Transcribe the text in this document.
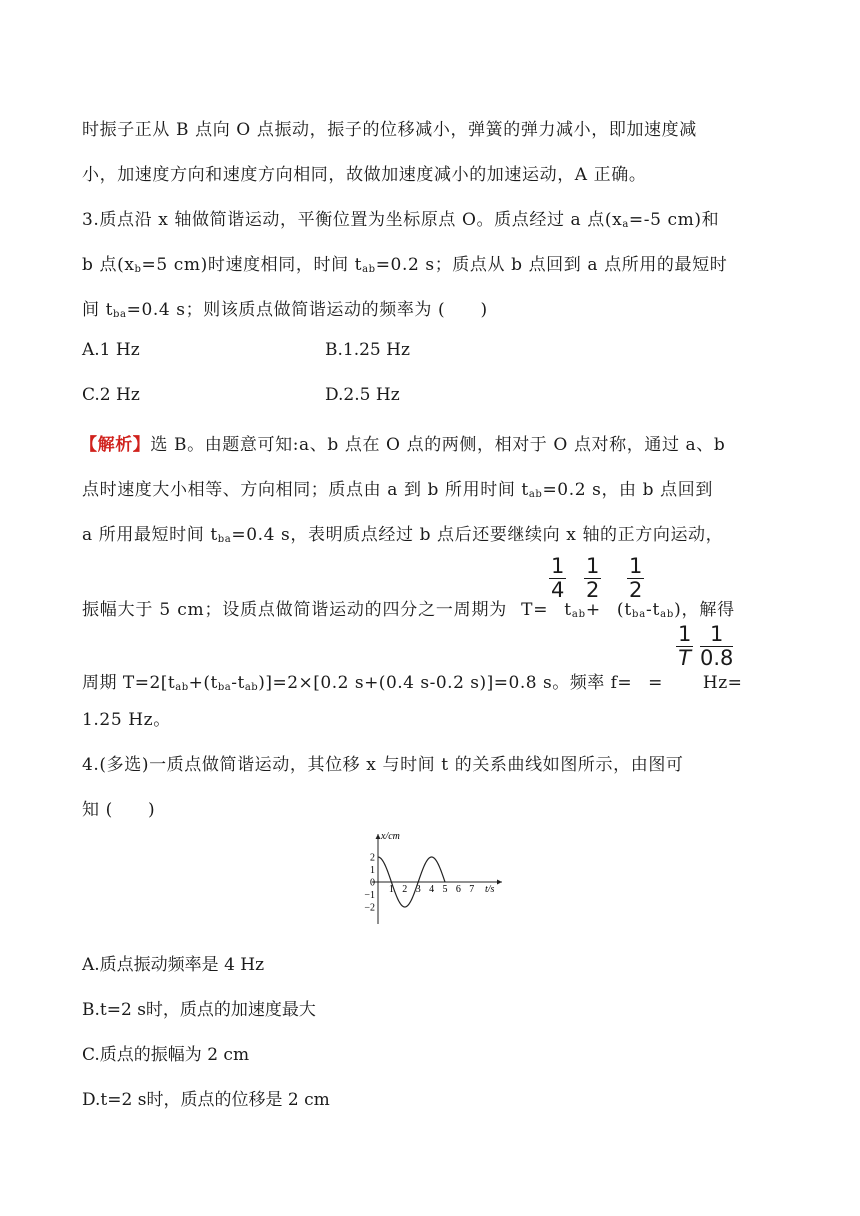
时振子正从 B 点向 O 点振动，振子的位移减小，弹簧的弹力减小，即加速度减
小，加速度方向和速度方向相同，故做加速度减小的加速运动，A 正确。
3.质点沿 x 轴做简谐运动，平衡位置为坐标原点 O。质点经过 a 点($x_a=-5$ cm)和
b 点($x_b=5$ cm)时速度相同，时间 $t_{ab}=0.2$ s；质点从 b 点回到 a 点所用的最短时
间 $t_{ba}=0.4$ s；则该质点做简谐运动的频率为 (　　)
A.1 Hz	B.1.25 Hz
C.2 Hz	D.2.5 Hz
【解析】选 B。由题意可知:a、b 点在 O 点的两侧，相对于 O 点对称，通过 a、b
点时速度大小相等、方向相同；质点由 a 到 b 所用时间 $t_{ab}=0.2$ s，由 b 点回到
a 所用最短时间 $t_{ba}=0.4$ s，表明质点经过 b 点后还要继续向 x 轴的正方向运动，
振幅大于 5 cm；设质点做简谐运动的四分之一周期为 $T= t_{ab}+ (t_{ba}-t_{ab})$，解得
1
4
1
2
1
2
周期 $T=2[t_{ab}+(t_{ba}-t_{ab})]=2\times[0.2$ s+(0.4 s-0.2 s)]=0.8 s。频率 f= = Hz=
1
T
1
0.8
1.25 Hz。
4.(多选)一质点做简谐运动，其位移 x 与时间 t 的关系曲线如图所示，由图可
知 (　　)
x/cm
t/s
2
1
0
−1
−2
1 2 3 4 5 6 7
A.质点振动频率是 4 Hz
B.t=2 s时，质点的加速度最大
C.质点的振幅为 2 cm
D.t=2 s时，质点的位移是 2 cm
